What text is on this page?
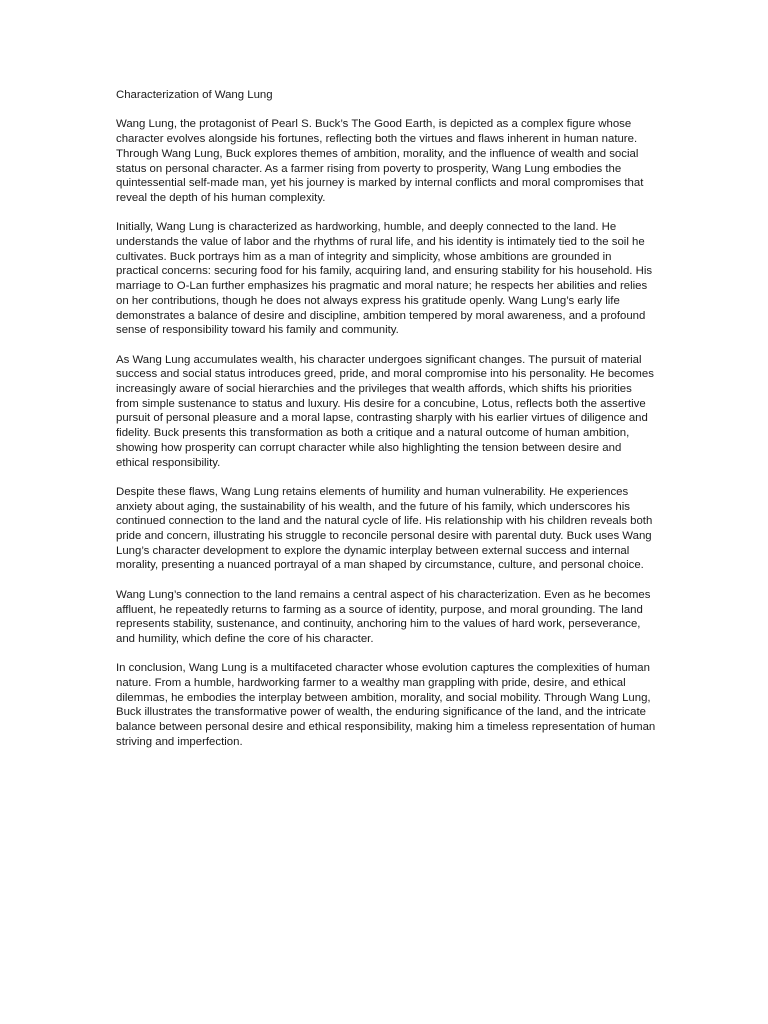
Characterization of Wang Lung

Wang Lung, the protagonist of Pearl S. Buck’s The Good Earth, is depicted as a complex figure whose character evolves alongside his fortunes, reflecting both the virtues and flaws inherent in human nature. Through Wang Lung, Buck explores themes of ambition, morality, and the influence of wealth and social status on personal character. As a farmer rising from poverty to prosperity, Wang Lung embodies the quintessential self-made man, yet his journey is marked by internal conflicts and moral compromises that reveal the depth of his human complexity.

Initially, Wang Lung is characterized as hardworking, humble, and deeply connected to the land. He understands the value of labor and the rhythms of rural life, and his identity is intimately tied to the soil he cultivates. Buck portrays him as a man of integrity and simplicity, whose ambitions are grounded in practical concerns: securing food for his family, acquiring land, and ensuring stability for his household. His marriage to O-Lan further emphasizes his pragmatic and moral nature; he respects her abilities and relies on her contributions, though he does not always express his gratitude openly. Wang Lung’s early life demonstrates a balance of desire and discipline, ambition tempered by moral awareness, and a profound sense of responsibility toward his family and community.

As Wang Lung accumulates wealth, his character undergoes significant changes. The pursuit of material success and social status introduces greed, pride, and moral compromise into his personality. He becomes increasingly aware of social hierarchies and the privileges that wealth affords, which shifts his priorities from simple sustenance to status and luxury. His desire for a concubine, Lotus, reflects both the assertive pursuit of personal pleasure and a moral lapse, contrasting sharply with his earlier virtues of diligence and fidelity. Buck presents this transformation as both a critique and a natural outcome of human ambition, showing how prosperity can corrupt character while also highlighting the tension between desire and ethical responsibility.

Despite these flaws, Wang Lung retains elements of humility and human vulnerability. He experiences anxiety about aging, the sustainability of his wealth, and the future of his family, which underscores his continued connection to the land and the natural cycle of life. His relationship with his children reveals both pride and concern, illustrating his struggle to reconcile personal desire with parental duty. Buck uses Wang Lung’s character development to explore the dynamic interplay between external success and internal morality, presenting a nuanced portrayal of a man shaped by circumstance, culture, and personal choice.

Wang Lung’s connection to the land remains a central aspect of his characterization. Even as he becomes affluent, he repeatedly returns to farming as a source of identity, purpose, and moral grounding. The land represents stability, sustenance, and continuity, anchoring him to the values of hard work, perseverance, and humility, which define the core of his character.

In conclusion, Wang Lung is a multifaceted character whose evolution captures the complexities of human nature. From a humble, hardworking farmer to a wealthy man grappling with pride, desire, and ethical dilemmas, he embodies the interplay between ambition, morality, and social mobility. Through Wang Lung, Buck illustrates the transformative power of wealth, the enduring significance of the land, and the intricate balance between personal desire and ethical responsibility, making him a timeless representation of human striving and imperfection.
